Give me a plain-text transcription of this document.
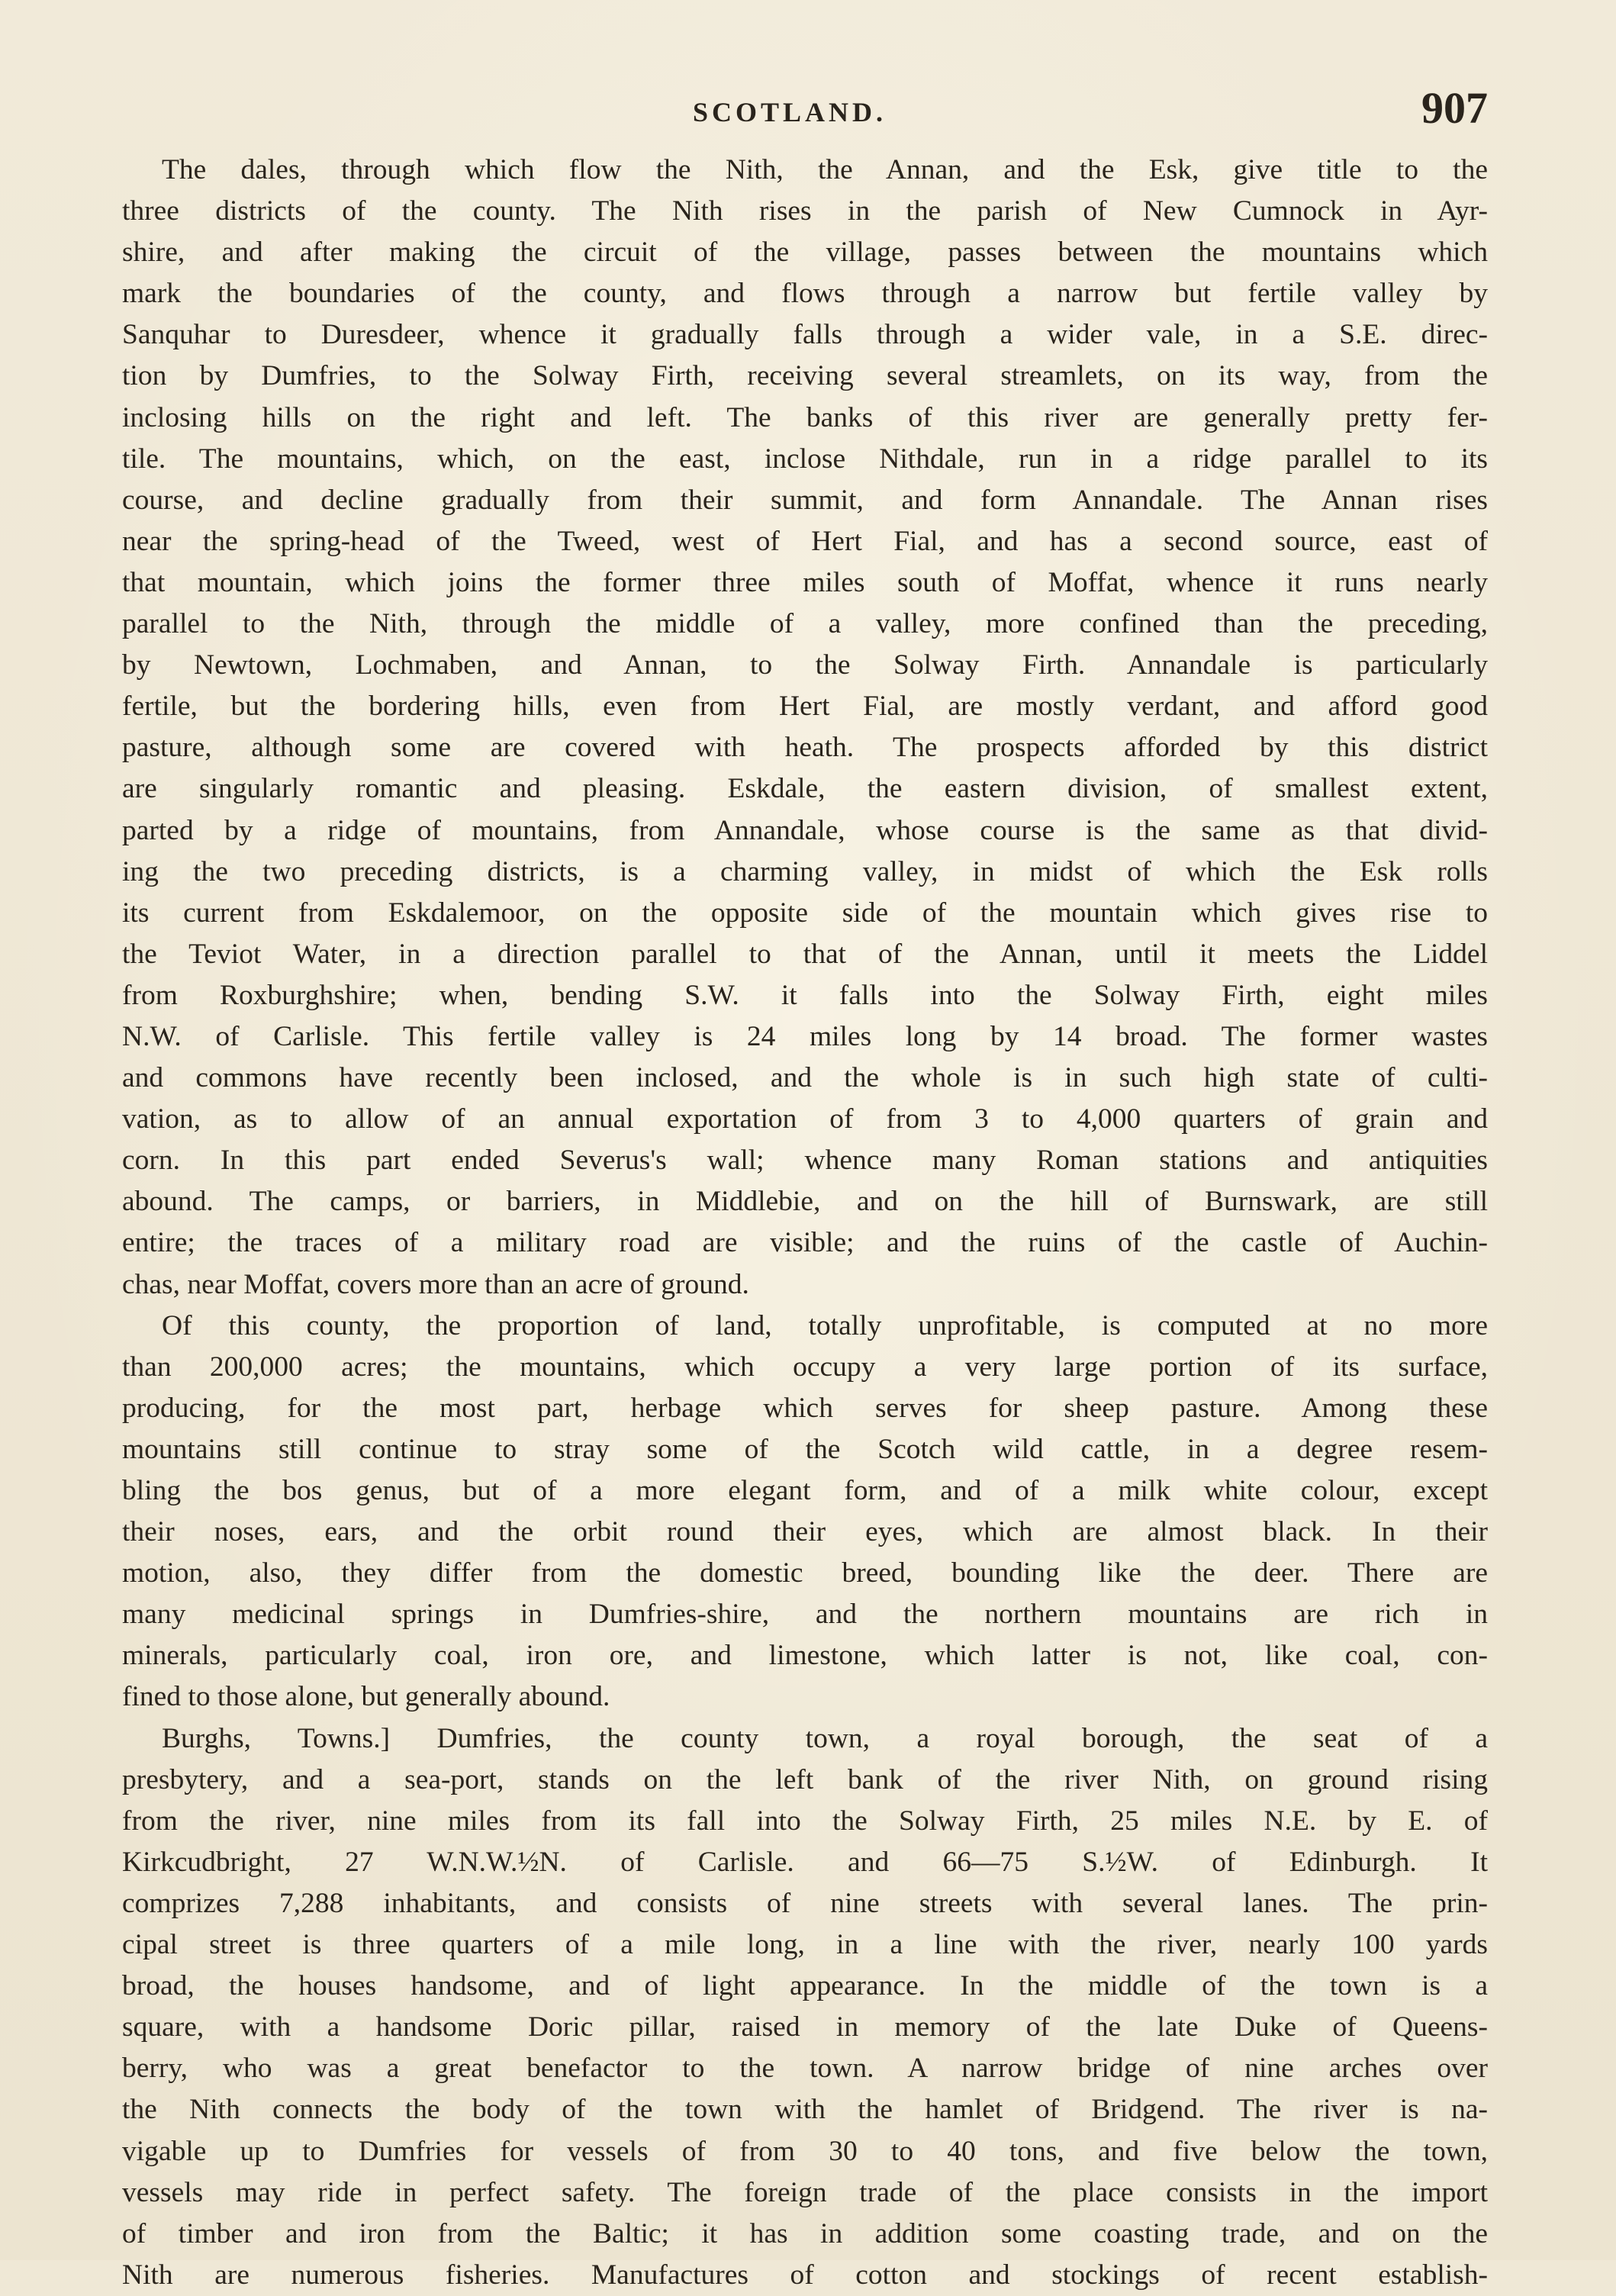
SCOTLAND.	907
The dales, through which flow the Nith, the Annan, and the Esk, give title to the
three districts of the county. The Nith rises in the parish of New Cumnock in Ayr-
shire, and after making the circuit of the village, passes between the mountains which
mark the boundaries of the county, and flows through a narrow but fertile valley by
Sanquhar to Duresdeer, whence it gradually falls through a wider vale, in a S.E. direc-
tion by Dumfries, to the Solway Firth, receiving several streamlets, on its way, from the
inclosing hills on the right and left. The banks of this river are generally pretty fer-
tile. The mountains, which, on the east, inclose Nithdale, run in a ridge parallel to its
course, and decline gradually from their summit, and form Annandale. The Annan rises
near the spring-head of the Tweed, west of Hert Fial, and has a second source, east of
that mountain, which joins the former three miles south of Moffat, whence it runs nearly
parallel to the Nith, through the middle of a valley, more confined than the preceding,
by Newtown, Lochmaben, and Annan, to the Solway Firth. Annandale is particularly
fertile, but the bordering hills, even from Hert Fial, are mostly verdant, and afford good
pasture, although some are covered with heath. The prospects afforded by this district
are singularly romantic and pleasing. Eskdale, the eastern division, of smallest extent,
parted by a ridge of mountains, from Annandale, whose course is the same as that divid-
ing the two preceding districts, is a charming valley, in midst of which the Esk rolls
its current from Eskdalemoor, on the opposite side of the mountain which gives rise to
the Teviot Water, in a direction parallel to that of the Annan, until it meets the Liddel
from Roxburghshire; when, bending S.W. it falls into the Solway Firth, eight miles
N.W. of Carlisle. This fertile valley is 24 miles long by 14 broad. The former wastes
and commons have recently been inclosed, and the whole is in such high state of culti-
vation, as to allow of an annual exportation of from 3 to 4,000 quarters of grain and
corn. In this part ended Severus's wall; whence many Roman stations and antiquities
abound. The camps, or barriers, in Middlebie, and on the hill of Burnswark, are still
entire; the traces of a military road are visible; and the ruins of the castle of Auchin-
chas, near Moffat, covers more than an acre of ground.
Of this county, the proportion of land, totally unprofitable, is computed at no more
than 200,000 acres; the mountains, which occupy a very large portion of its surface,
producing, for the most part, herbage which serves for sheep pasture. Among these
mountains still continue to stray some of the Scotch wild cattle, in a degree resem-
bling the bos genus, but of a more elegant form, and of a milk white colour, except
their noses, ears, and the orbit round their eyes, which are almost black. In their
motion, also, they differ from the domestic breed, bounding like the deer. There are
many medicinal springs in Dumfries-shire, and the northern mountains are rich in
minerals, particularly coal, iron ore, and limestone, which latter is not, like coal, con-
fined to those alone, but generally abound.
Burghs, Towns.] Dumfries, the county town, a royal borough, the seat of a
presbytery, and a sea-port, stands on the left bank of the river Nith, on ground rising
from the river, nine miles from its fall into the Solway Firth, 25 miles N.E. by E. of
Kirkcudbright, 27 W.N.W.½N. of Carlisle. and 66—75 S.½W. of Edinburgh. It
comprizes 7,288 inhabitants, and consists of nine streets with several lanes. The prin-
cipal street is three quarters of a mile long, in a line with the river, nearly 100 yards
broad, the houses handsome, and of light appearance. In the middle of the town is a
square, with a handsome Doric pillar, raised in memory of the late Duke of Queens-
berry, who was a great benefactor to the town. A narrow bridge of nine arches over
the Nith connects the body of the town with the hamlet of Bridgend. The river is na-
vigable up to Dumfries for vessels of from 30 to 40 tons, and five below the town,
vessels may ride in perfect safety. The foreign trade of the place consists in the import
of timber and iron from the Baltic; it has in addition some coasting trade, and on the
Nith are numerous fisheries. Manufactures of cotton and stockings of recent establish-
